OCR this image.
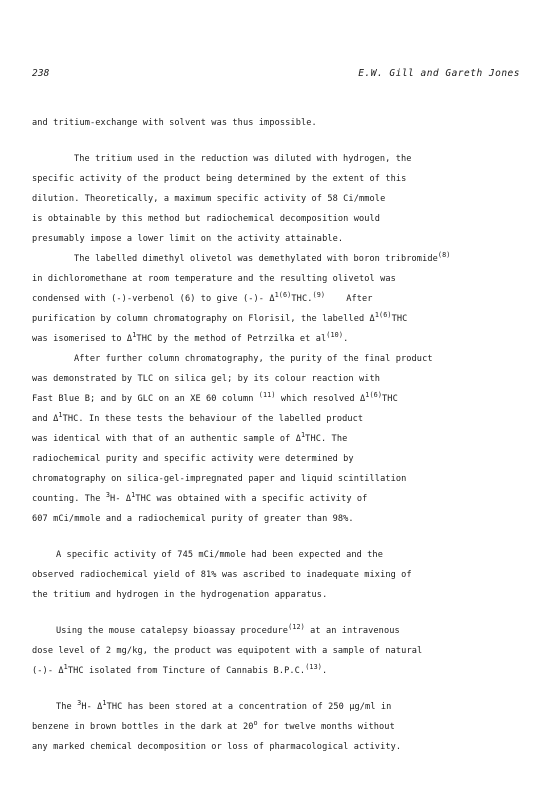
238	E.W. Gill and Gareth Jones

and tritium-exchange with solvent was thus impossible.

The tritium used in the reduction was diluted with hydrogen, the

specific activity of the product being determined by the extent of this

dilution. Theoretically, a maximum specific activity of 58 Ci/mmole

is obtainable by this method but radiochemical decomposition would

presumably impose a lower limit on the activity attainable.

The labelled dimethyl olivetol was demethylated with boron tribromide$^{(8)}$

in dichloromethane at room temperature and the resulting olivetol was

condensed with (-)-verbenol (6) to give (-)- $\Delta^{1(6)}THC.^{(9)}$ After

purification by column chromatography on Florisil, the labelled $\Delta^{1(6)}THC$

was isomerised to $\Delta^1THC$ by the method of Petrzilka et $al^{(10)}$.

After further column chromatography, the purity of the final product

was demonstrated by TLC on silica gel; by its colour reaction with

Fast Blue B; and by GLC on an XE 60 column $^{(11)}$ which resolved $\Delta^{1(6)}THC$

and $\Delta^1THC$. In these tests the behaviour of the labelled product

was identical with that of an authentic sample of $\Delta^1THC$. The

radiochemical purity and specific activity were determined by

chromatography on silica-gel-impregnated paper and liquid scintillation

counting. The $^3$H- $\Delta^1THC$ was obtained with a specific activity of

607 mCi/mmole and a radiochemical purity of greater than 98%.

A specific activity of 745 mCi/mmole had been expected and the

observed radiochemical yield of 81% was ascribed to inadequate mixing of

the tritium and hydrogen in the hydrogenation apparatus.

Using the mouse catalepsy bioassay procedure$^{(12)}$ at an intravenous

dose level of 2 mg/kg, the product was equipotent with a sample of natural

(-)- $\Delta^1THC$ isolated from Tincture of Cannabis B.P.C.$^{(13)}$.

The $^3$H- $\Delta^1THC$ has been stored at a concentration of 250 μg/ml in

benzene in brown bottles in the dark at 20$^o$ for twelve months without

any marked chemical decomposition or loss of pharmacological activity.
